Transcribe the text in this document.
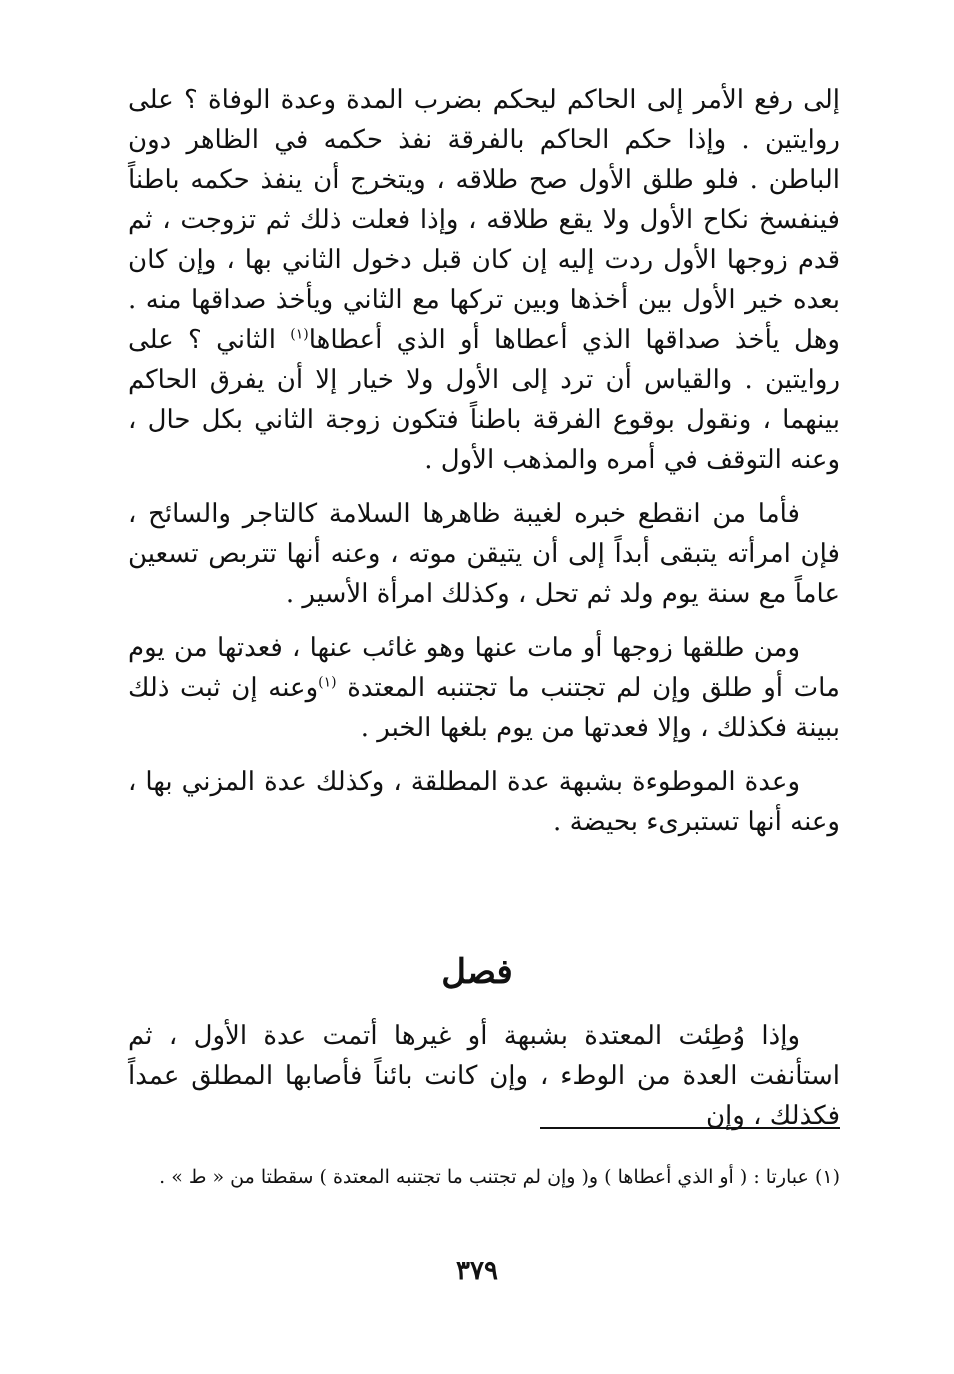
إلى رفع الأمر إلى الحاكم ليحكم بضرب المدة وعدة الوفاة ؟ على روايتين . وإذا حكم الحاكم بالفرقة نفذ حكمه في الظاهر دون الباطن . فلو طلق الأول صح طلاقه ، ويتخرج أن ينفذ حكمه باطناً فينفسخ نكاح الأول ولا يقع طلاقه ، وإذا فعلت ذلك ثم تزوجت ، ثم قدم زوجها الأول ردت إليه إن كان قبل دخول الثاني بها ، وإن كان بعده خير الأول بين أخذها وبين تركها مع الثاني ويأخذ صداقها منه . وهل يأخذ صداقها الذي أعطاها أو الذي أعطاها$^{(١)}$ الثاني ؟ على روايتين . والقياس أن ترد إلى الأول ولا خيار إلا أن يفرق الحاكم بينهما ، ونقول بوقوع الفرقة باطناً فتكون زوجة الثاني بكل حال ، وعنه التوقف في أمره والمذهب الأول .

فأما من انقطع خبره لغيبة ظاهرها السلامة كالتاجر والسائح ، فإن امرأته يتبقى أبداً إلى أن يتيقن موته ، وعنه أنها تتربص تسعين عاماً مع سنة يوم ولد ثم تحل ، وكذلك امرأة الأسير .

ومن طلقها زوجها أو مات عنها وهو غائب عنها ، فعدتها من يوم مات أو طلق وإن لم تجتنب ما تجتنبه المعتدة $^{(١)}$وعنه إن ثبت ذلك ببينة فكذلك ، وإلا فعدتها من يوم بلغها الخبر .

وعدة الموطوءة بشبهة عدة المطلقة ، وكذلك عدة المزني بها ، وعنه أنها تستبرىء بحيضة .

فصل

وإذا وُطِئت المعتدة بشبهة أو غيرها أتمت عدة الأول ، ثم استأنفت العدة من الوطء ، وإن كانت بائناً فأصابها المطلق عمداً فكذلك ، وإن

(١) عبارتا : ( أو الذي أعطاها ) و( وإن لم تجتنب ما تجتنبه المعتدة ) سقطتا من « ط » .
٣٧٩
